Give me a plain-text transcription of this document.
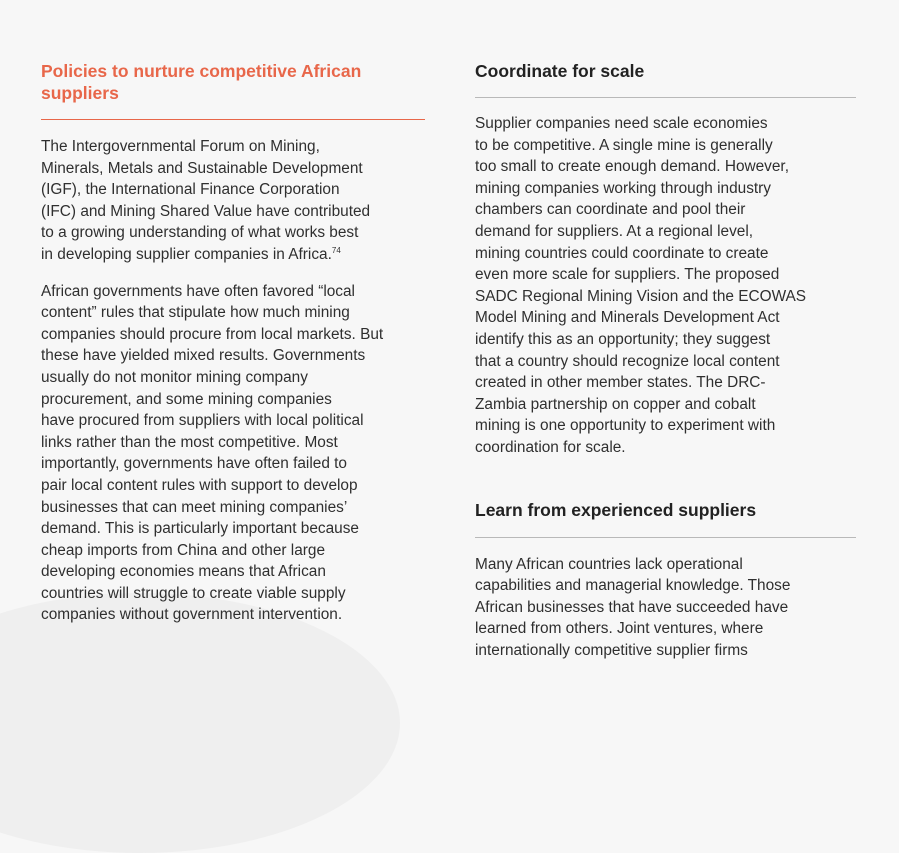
Policies to nurture competitive African
suppliers

The Intergovernmental Forum on Mining,
Minerals, Metals and Sustainable Development
(IGF), the International Finance Corporation
(IFC) and Mining Shared Value have contributed
to a growing understanding of what works best
in developing supplier companies in Africa.$^{74}$

African governments have often favored “local
content” rules that stipulate how much mining
companies should procure from local markets. But
these have yielded mixed results. Governments
usually do not monitor mining company
procurement, and some mining companies
have procured from suppliers with local political
links rather than the most competitive. Most
importantly, governments have often failed to
pair local content rules with support to develop
businesses that can meet mining companies’
demand. This is particularly important because
cheap imports from China and other large
developing economies means that African
countries will struggle to create viable supply
companies without government intervention.

Coordinate for scale

Supplier companies need scale economies
to be competitive. A single mine is generally
too small to create enough demand. However,
mining companies working through industry
chambers can coordinate and pool their
demand for suppliers. At a regional level,
mining countries could coordinate to create
even more scale for suppliers. The proposed
SADC Regional Mining Vision and the ECOWAS
Model Mining and Minerals Development Act
identify this as an opportunity; they suggest
that a country should recognize local content
created in other member states. The DRC-
Zambia partnership on copper and cobalt
mining is one opportunity to experiment with
coordination for scale.

Learn from experienced suppliers

Many African countries lack operational
capabilities and managerial knowledge. Those
African businesses that have succeeded have
learned from others. Joint ventures, where
internationally competitive supplier firms
